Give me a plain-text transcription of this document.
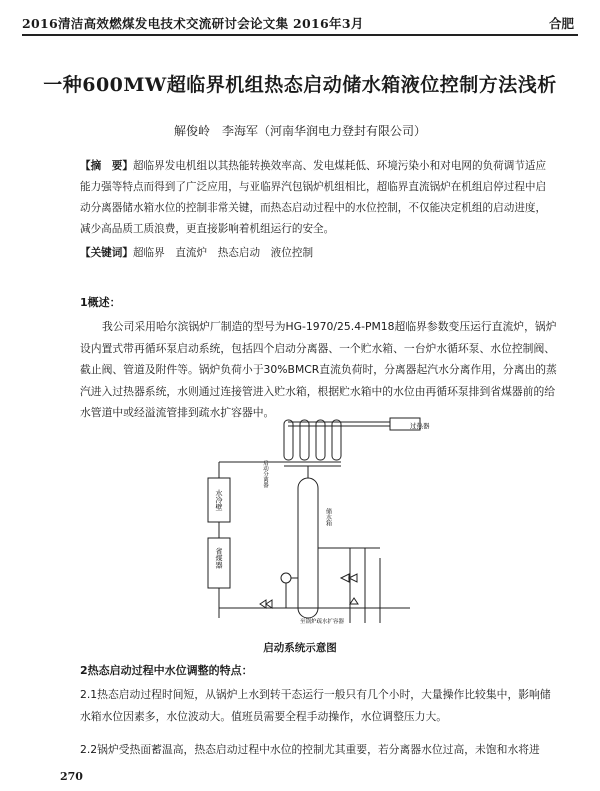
2016清洁高效燃煤发电技术交流研讨会论文集 2016年3月	合肥
一种600MW超临界机组热态启动储水箱液位控制方法浅析
解俊岭　李海军（河南华润电力登封有限公司）
【摘　要】超临界发电机组以其热能转换效率高、发电煤耗低、环境污染小和对电网的负荷调节适应能力强等特点而得到了广泛应用，与亚临界汽包锅炉机组相比，超临界直流锅炉在机组启停过程中启动分离器储水箱水位的控制非常关键，而热态启动过程中的水位控制，不仅能决定机组的启动进度，减少高品质工质浪费，更直接影响着机组运行的安全。
【关键词】超临界　直流炉　热态启动　液位控制
1概述：
我公司采用哈尔滨锅炉厂制造的型号为HG-1970/25.4-PM18超临界参数变压运行直流炉，锅炉设内置式带再循环泵启动系统，包括四个启动分离器、一个贮水箱、一台炉水循环泵、水位控制阀、截止阀、管道及附件等。锅炉负荷小于30%BMCR直流负荷时，分离器起汽水分离作用，分离出的蒸汽进入过热器系统，水则通过连接管进入贮水箱，根据贮水箱中的水位由再循环泵排到省煤器前的给水管道中或经溢流管排到疏水扩容器中。
过热器
水冷壁
省煤器
储水箱
启动分离器
至锅炉疏水扩容器
启动系统示意图
2热态启动过程中水位调整的特点：
2.1热态启动过程时间短，从锅炉上水到转干态运行一般只有几个小时，大量操作比较集中，影响储水箱水位因素多，水位波动大。值班员需要全程手动操作，水位调整压力大。
2.2锅炉受热面蓄温高，热态启动过程中水位的控制尤其重要，若分离器水位过高，未饱和水将进
270
